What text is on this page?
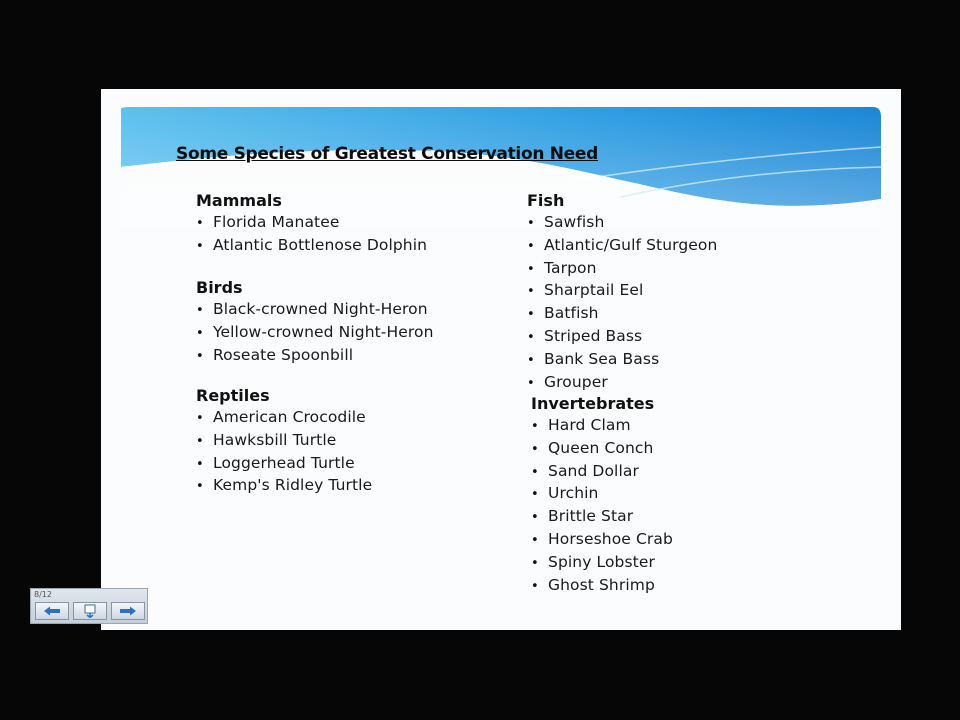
Some Species of Greatest Conservation Need
Mammals
• Florida Manatee
• Atlantic Bottlenose Dolphin
Birds
• Black-crowned Night-Heron
• Yellow-crowned Night-Heron
• Roseate Spoonbill
Reptiles
• American Crocodile
• Hawksbill Turtle
• Loggerhead Turtle
• Kemp's Ridley Turtle
Fish
• Sawfish
• Atlantic/Gulf Sturgeon
• Tarpon
• Sharptail Eel
• Batfish
• Striped Bass
• Bank Sea Bass
• Grouper
Invertebrates
• Hard Clam
• Queen Conch
• Sand Dollar
• Urchin
• Brittle Star
• Horseshoe Crab
• Spiny Lobster
• Ghost Shrimp
8/12
